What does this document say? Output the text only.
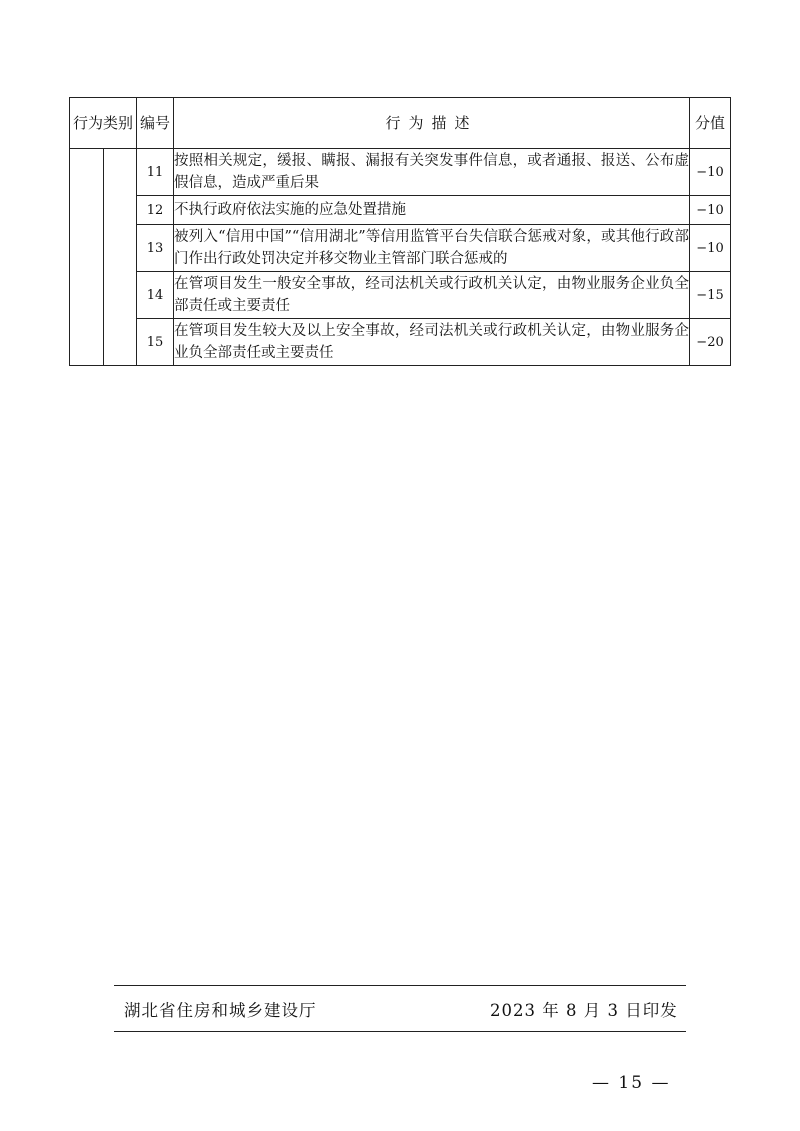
行为类别		编号	行为描述	分值
		11	按照相关规定，缓报、瞒报、漏报有关突发事件信息，或者通报、报送、公布虚假信息，造成严重后果	−10
		12	不执行政府依法实施的应急处置措施	−10
		13	被列入“信用中国”“信用湖北”等信用监管平台失信联合惩戒对象，或其他行政部门作出行政处罚决定并移交物业主管部门联合惩戒的	−10
		14	在管项目发生一般安全事故，经司法机关或行政机关认定，由物业服务企业负全部责任或主要责任	−15
		15	在管项目发生较大及以上安全事故，经司法机关或行政机关认定，由物业服务企业负全部责任或主要责任	−20
湖北省住房和城乡建设厅	2023 年 8 月 3 日印发
— 15 —
